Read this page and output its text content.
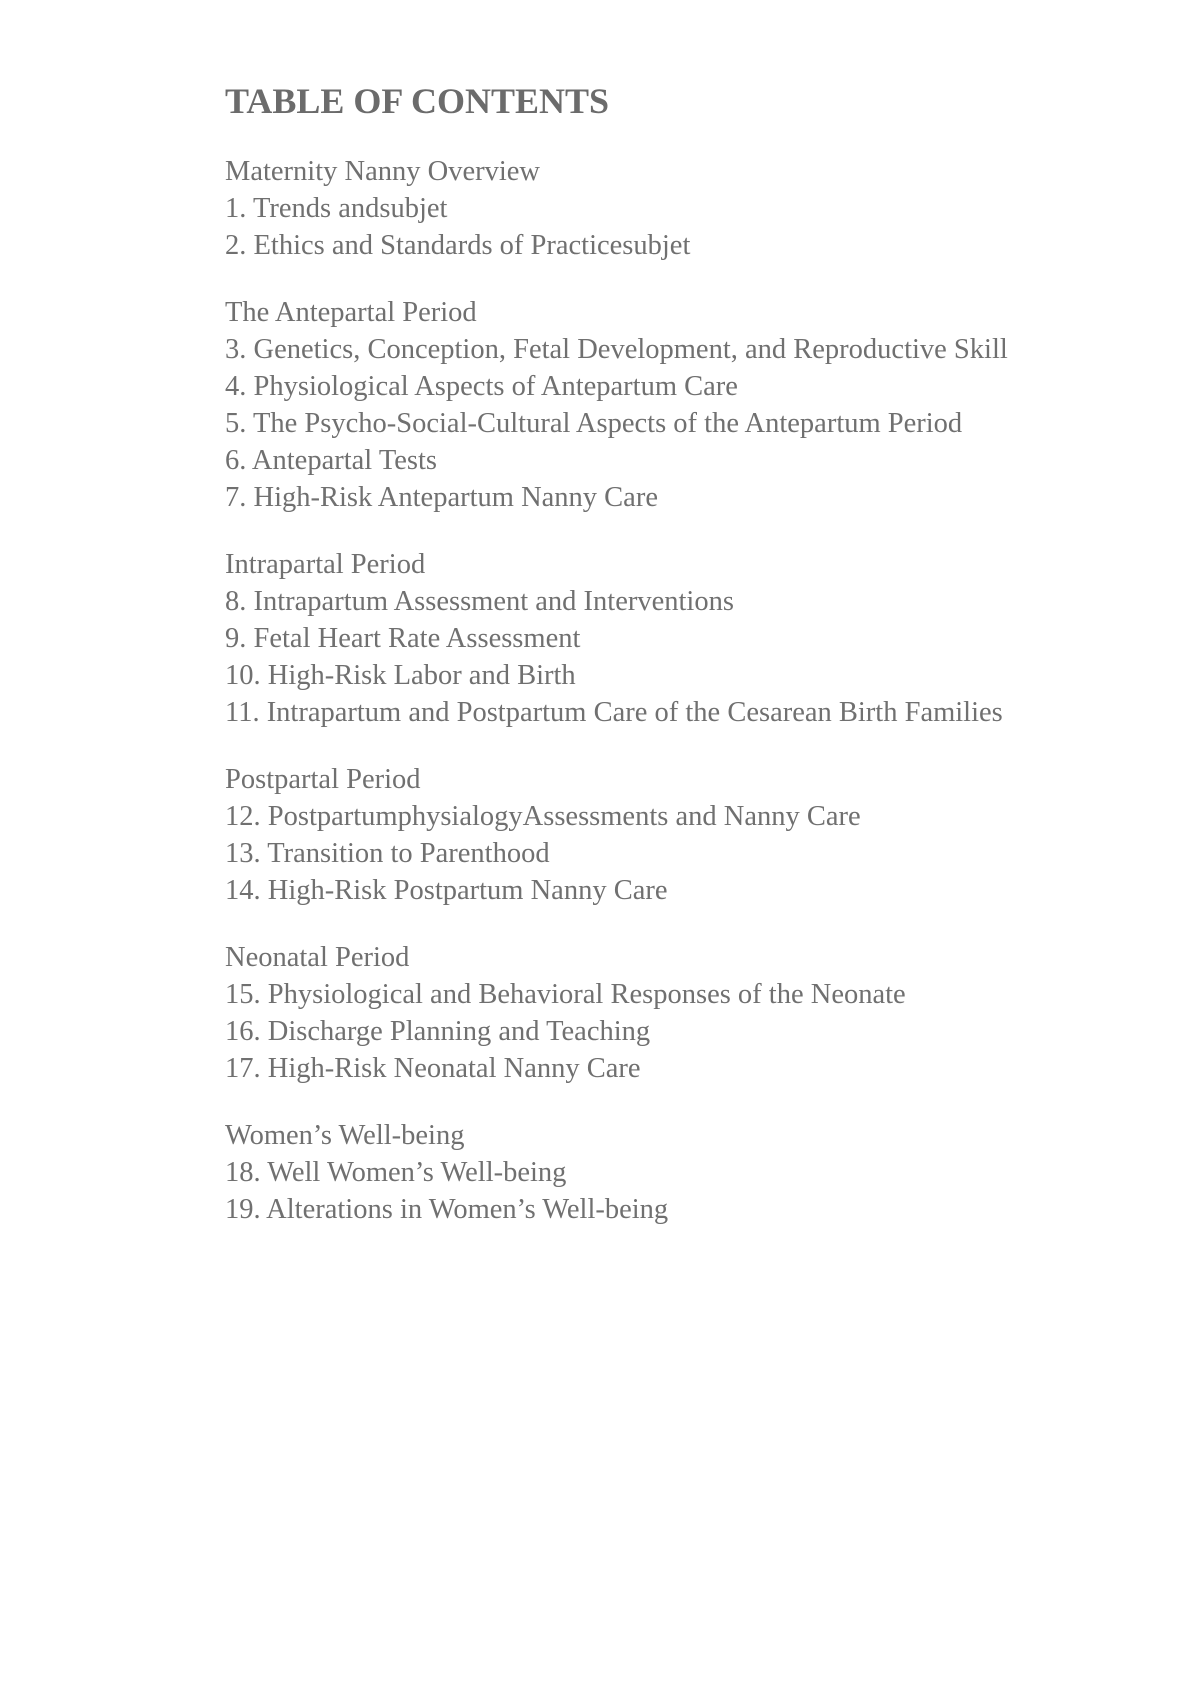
TABLE OF CONTENTS

Maternity Nanny Overview

1. Trends andsubjet

2. Ethics and Standards of Practicesubjet

The Antepartal Period

3. Genetics, Conception, Fetal Development, and Reproductive Skill

4. Physiological Aspects of Antepartum Care

5. The Psycho-Social-Cultural Aspects of the Antepartum Period

6. Antepartal Tests

7. High-Risk Antepartum Nanny Care

Intrapartal Period

8. Intrapartum Assessment and Interventions

9. Fetal Heart Rate Assessment

10. High-Risk Labor and Birth

11. Intrapartum and Postpartum Care of the Cesarean Birth Families

Postpartal Period

12. PostpartumphysialogyAssessments and Nanny Care

13. Transition to Parenthood

14. High-Risk Postpartum Nanny Care

Neonatal Period

15. Physiological and Behavioral Responses of the Neonate

16. Discharge Planning and Teaching

17. High-Risk Neonatal Nanny Care

Women’s Well-being

18. Well Women’s Well-being

19. Alterations in Women’s Well-being
